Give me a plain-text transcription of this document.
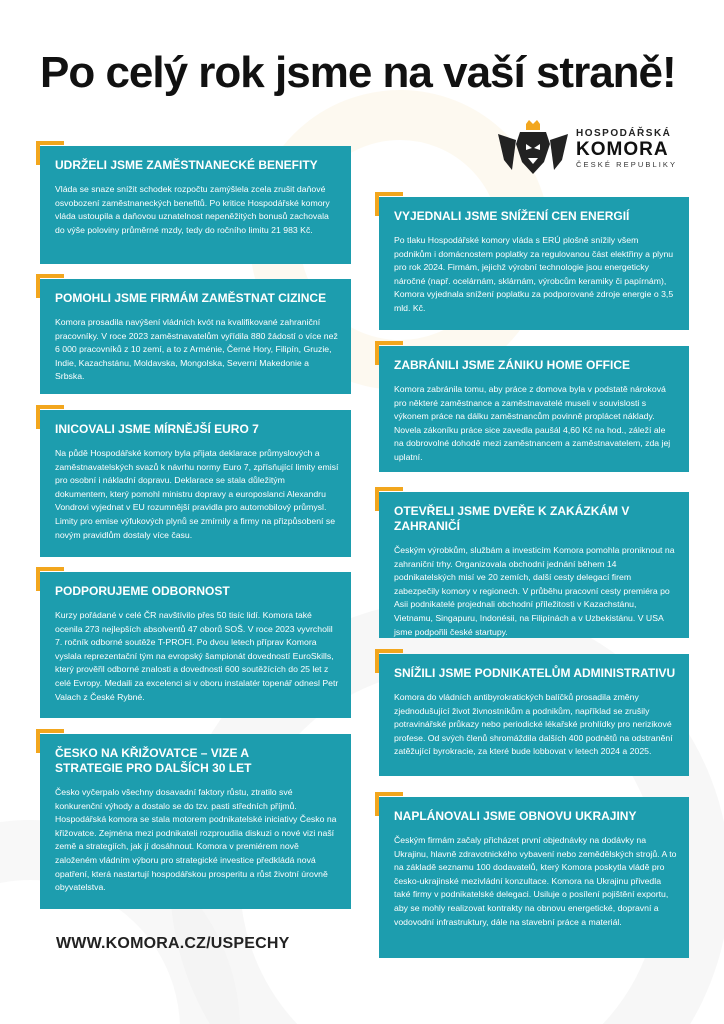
Po celý rok jsme na vaší straně!
HOSPODÁŘSKÁ
KOMORA
ČESKÉ REPUBLIKY
UDRŽELI JSME ZAMĚSTNANECKÉ BENEFITY

Vláda se snaze snížit schodek rozpočtu zamýšlela zcela zrušit daňové osvobození zaměstnaneckých benefitů. Po kritice Hospodářské komory vláda ustoupila a daňovou uznatelnost nepeněžitých bonusů zachovala do výše poloviny průměrné mzdy, tedy do ročního limitu 21 983 Kč.

POMOHLI JSME FIRMÁM ZAMĚSTNAT CIZINCE

Komora prosadila navýšení vládních kvót na kvalifikované zahraniční pracovníky. V roce 2023 zaměstnavatelům vyřídila 880 žádostí o více než 6 000 pracovníků z 10 zemí, a to z Arménie, Černé Hory, Filipín, Gruzie, Indie, Kazachstánu, Moldavska, Mongolska, Severní Makedonie a Srbska.

INICOVALI JSME MÍRNĚJŠÍ EURO 7

Na půdě Hospodářské komory byla přijata deklarace průmyslových a zaměstnavatelských svazů k návrhu normy Euro 7, zpřísňující limity emisí pro osobní i nákladní dopravu. Deklarace se stala důležitým dokumentem, který pomohl ministru dopravy a europoslanci Alexandru Vondrovi vyjednat v EU rozumnější pravidla pro automobilový průmysl. Limity pro emise výfukových plynů se zmírnily a firmy na přizpůsobení se novým pravidlům dostaly více času.

PODPORUJEME ODBORNOST

Kurzy pořádané v celé ČR navštívilo přes 50 tisíc lidí. Komora také ocenila 273 nejlepších absolventů 47 oborů SOŠ. V roce 2023 vyvrcholil 7. ročník odborné soutěže T-PROFI. Po dvou letech příprav Komora vyslala reprezentační tým na evropský šampionát dovedností EuroSkills, který prověřil odborné znalosti a dovednosti 600 soutěžících do 25 let z celé Evropy. Medaili za excelenci si v oboru instalatér topenář odnesl Petr Valach z České Rybné.

ČESKO NA KŘIŽOVATCE – VIZE A STRATEGIE PRO DALŠÍCH 30 LET

Česko vyčerpalo všechny dosavadní faktory růstu, ztratilo své konkurenční výhody a dostalo se do tzv. pasti středních příjmů. Hospodářská komora se stala motorem podnikatelské iniciativy Česko na křižovatce. Zejména mezi podnikateli rozproudila diskuzi o nové vizi naší země a strategiích, jak jí dosáhnout. Komora v premiérem nově založeném vládním výboru pro strategické investice předkládá nová opatření, která nastartují hospodářskou prosperitu a růst životní úrovně obyvatelstva.

WWW.KOMORA.CZ/USPECHY
VYJEDNALI JSME SNÍŽENÍ CEN ENERGIÍ

Po tlaku Hospodářské komory vláda s ERÚ plošně snížily všem podnikům i domácnostem poplatky za regulovanou část elektřiny a plynu pro rok 2024. Firmám, jejichž výrobní technologie jsou energeticky náročné (např. ocelárnám, sklárnám, výrobcům keramiky či papírnám), Komora vyjednala snížení poplatku za podporované zdroje energie o 3,5 mld. Kč.

ZABRÁNILI JSME ZÁNIKU HOME OFFICE

Komora zabránila tomu, aby práce z domova byla v podstatě nároková pro některé zaměstnance a zaměstnavatelé museli v souvislosti s výkonem práce na dálku zaměstnancům povinně proplácet náklady. Novela zákoníku práce sice zavedla paušál 4,60 Kč na hod., záleží ale na dobrovolné dohodě mezi zaměstnancem a zaměstnavatelem, zda jej uplatní.

OTEVŘELI JSME DVEŘE K ZAKÁZKÁM V ZAHRANIČÍ

Českým výrobkům, službám a investicím Komora pomohla proniknout na zahraniční trhy. Organizovala obchodní jednání během 14 podnikatelských misí ve 20 zemích, další cesty delegací firem zabezpečily komory v regionech. V průběhu pracovní cesty premiéra po Asii podnikatelé projednali obchodní příležitosti v Kazachstánu, Vietnamu, Singapuru, Indonésii, na Filipínách a v Uzbekistánu. V USA jsme podpořili české startupy.

SNÍŽILI JSME PODNIKATELŮM ADMINISTRATIVU

Komora do vládních antibyrokratických balíčků prosadila změny zjednodušující život živnostníkům a podnikům, například se zrušily potravinářské průkazy nebo periodické lékařské prohlídky pro nerizikové profese. Od svých členů shromáždila dalších 400 podnětů na odstranění zatěžující byrokracie, za které bude lobbovat v letech 2024 a 2025.

NAPLÁNOVALI JSME OBNOVU UKRAJINY

Českým firmám začaly přicházet první objednávky na dodávky na Ukrajinu, hlavně zdravotnického vybavení nebo zemědělských strojů. A to na základě seznamu 100 dodavatelů, který Komora poskytla vládě pro česko-ukrajinské mezivládní konzultace. Komora na Ukrajinu přivedla také firmy v podnikatelské delegaci. Usiluje o posílení pojištění exportu, aby se mohly realizovat kontrakty na obnovu energetické, dopravní a vodovodní infrastruktury, dále na stavební práce a materiál.
